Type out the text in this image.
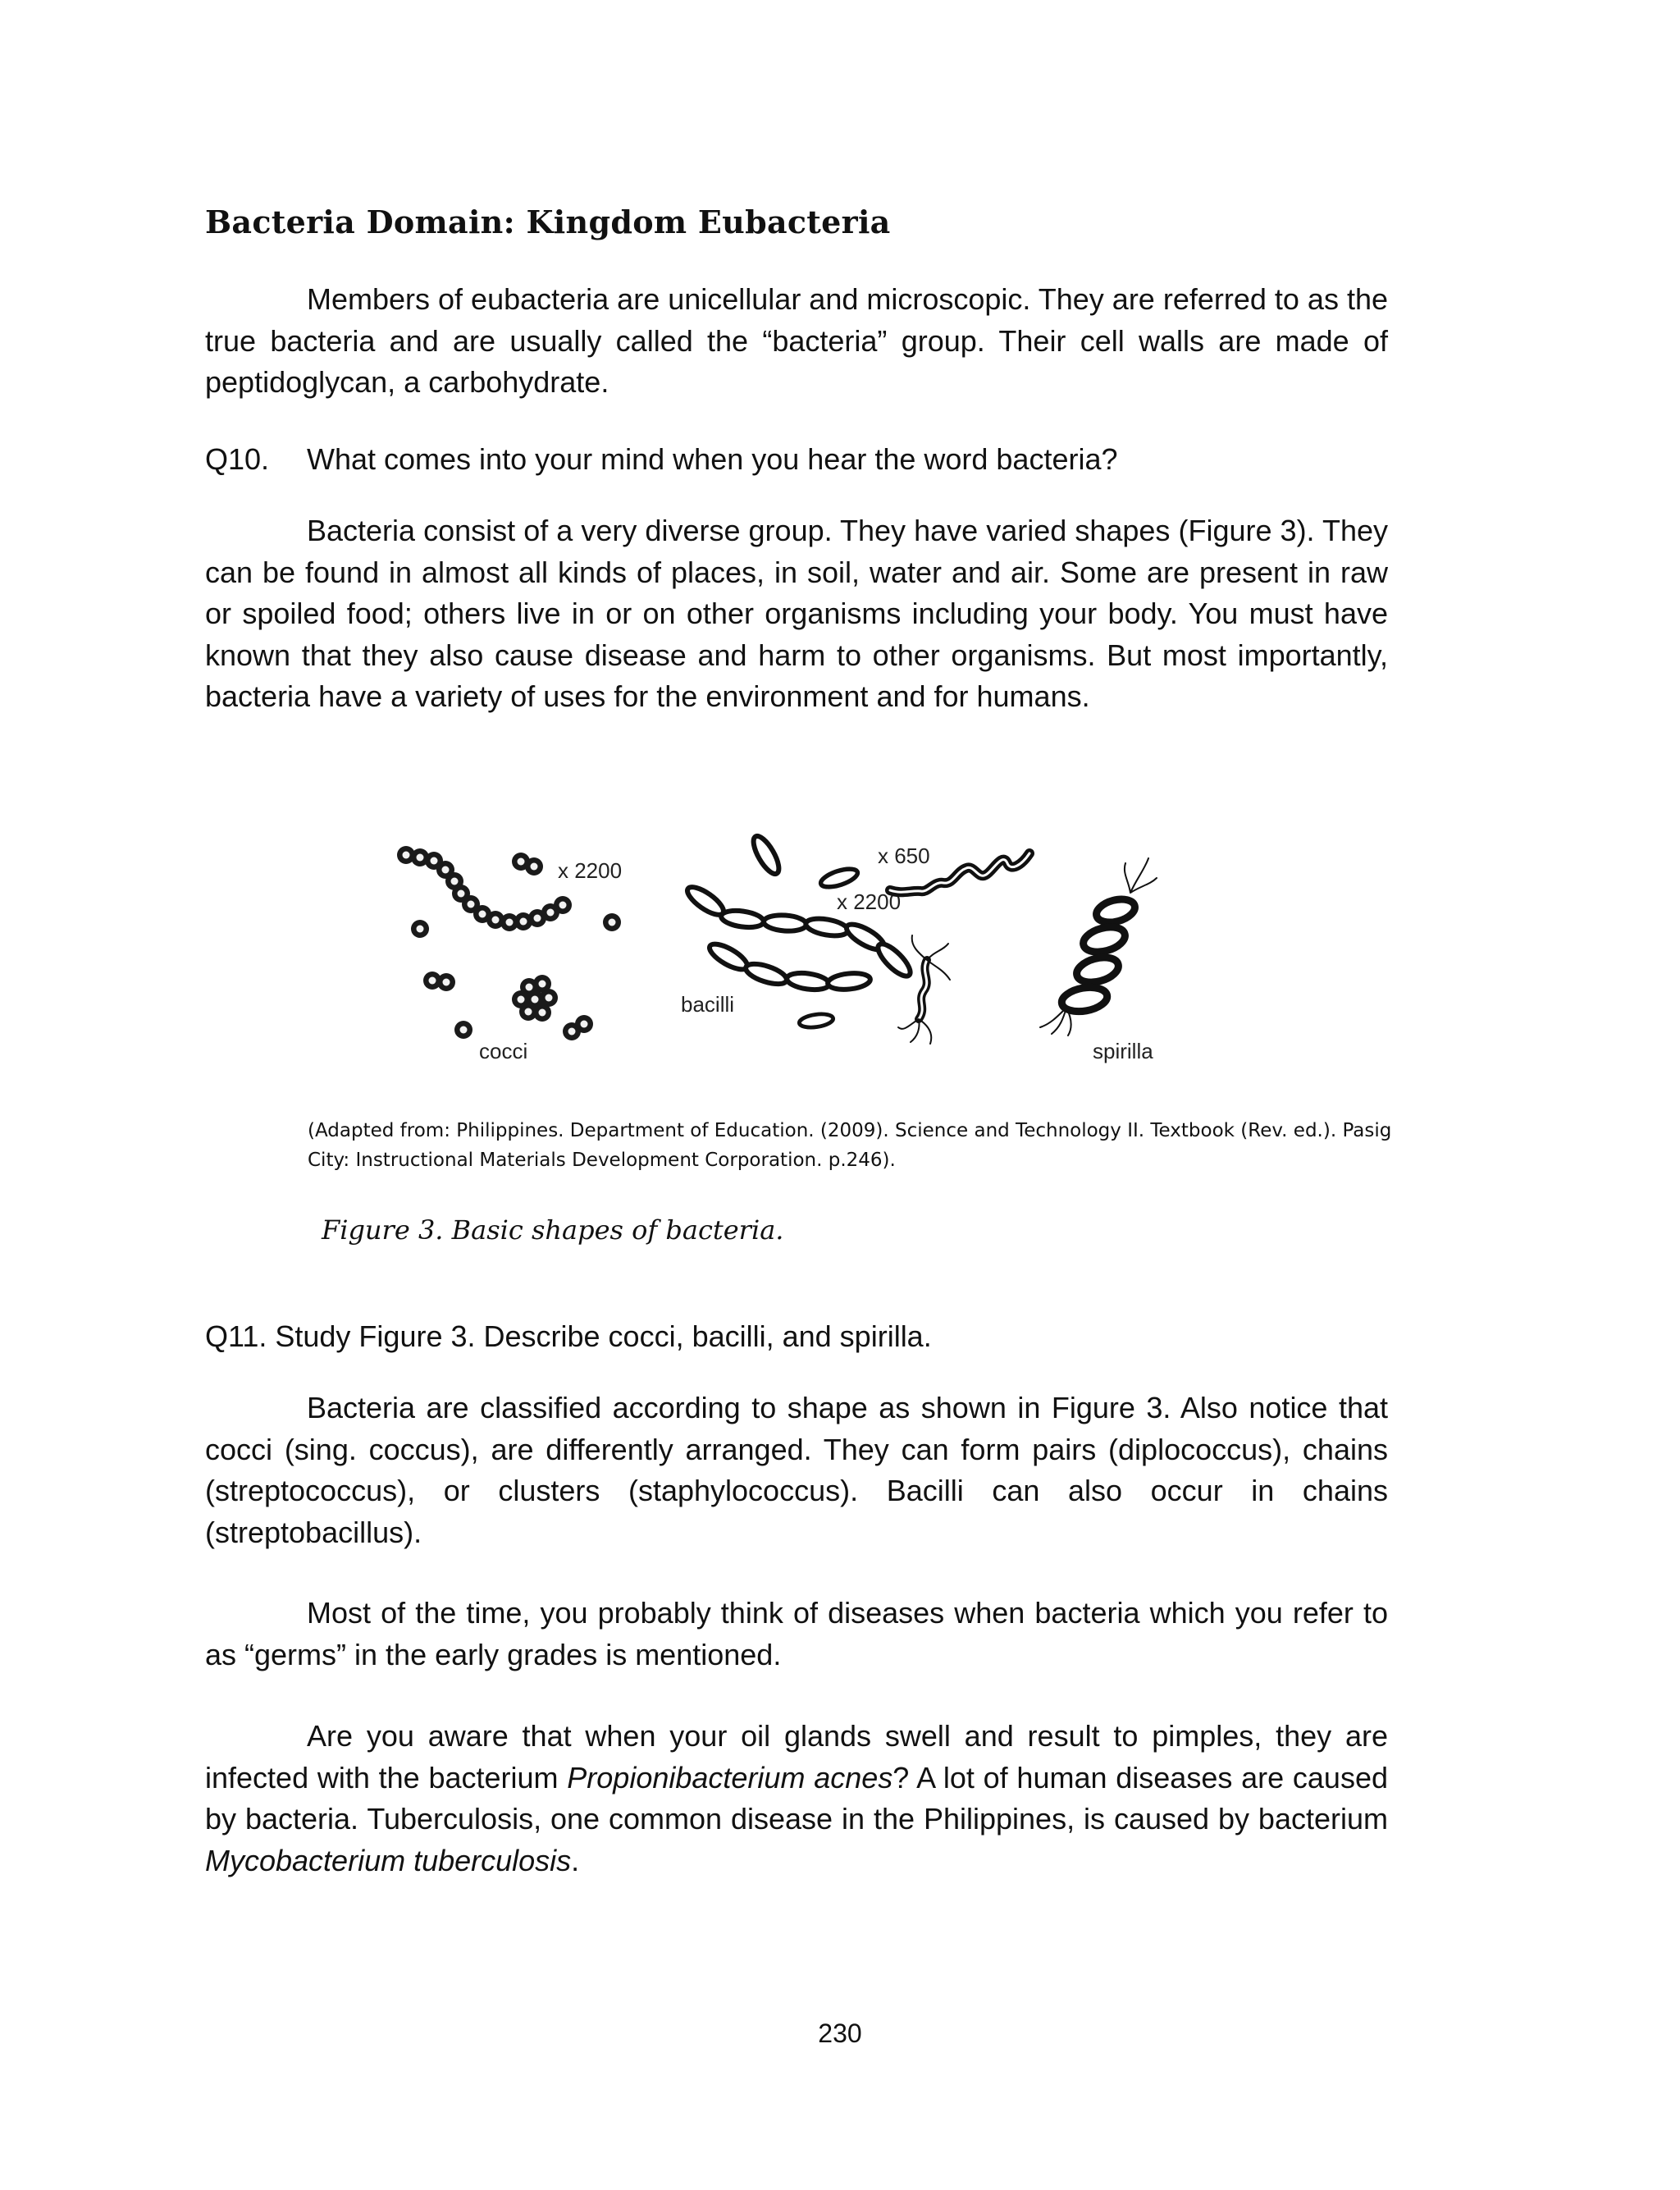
Bacteria Domain: Kingdom Eubacteria

Members of eubacteria are unicellular and microscopic. They are referred to as the true bacteria and are usually called the “bacteria” group. Their cell walls are made of peptidoglycan, a carbohydrate.

Q10. What comes into your mind when you hear the word bacteria?

Bacteria consist of a very diverse group. They have varied shapes (Figure 3). They can be found in almost all kinds of places, in soil, water and air. Some are present in raw or spoiled food; others live in or on other organisms including your body. You must have known that they also cause disease and harm to other organisms. But most importantly, bacteria have a variety of uses for the environment and for humans.

x 2200
cocci
x 2200
bacilli
x 650
spirilla

(Adapted from: Philippines. Department of Education. (2009). Science and Technology II. Textbook (Rev. ed.). Pasig City: Instructional Materials Development Corporation. p.246).

Figure 3. Basic shapes of bacteria.

Q11. Study Figure 3. Describe cocci, bacilli, and spirilla.

Bacteria are classified according to shape as shown in Figure 3. Also notice that cocci (sing. coccus), are differently arranged. They can form pairs (diplococcus), chains (streptococcus), or clusters (staphylococcus). Bacilli can also occur in chains (streptobacillus).

Most of the time, you probably think of diseases when bacteria which you refer to as “germs” in the early grades is mentioned.

Are you aware that when your oil glands swell and result to pimples, they are infected with the bacterium Propionibacterium acnes? A lot of human diseases are caused by bacteria. Tuberculosis, one common disease in the Philippines, is caused by bacterium Mycobacterium tuberculosis.

230
